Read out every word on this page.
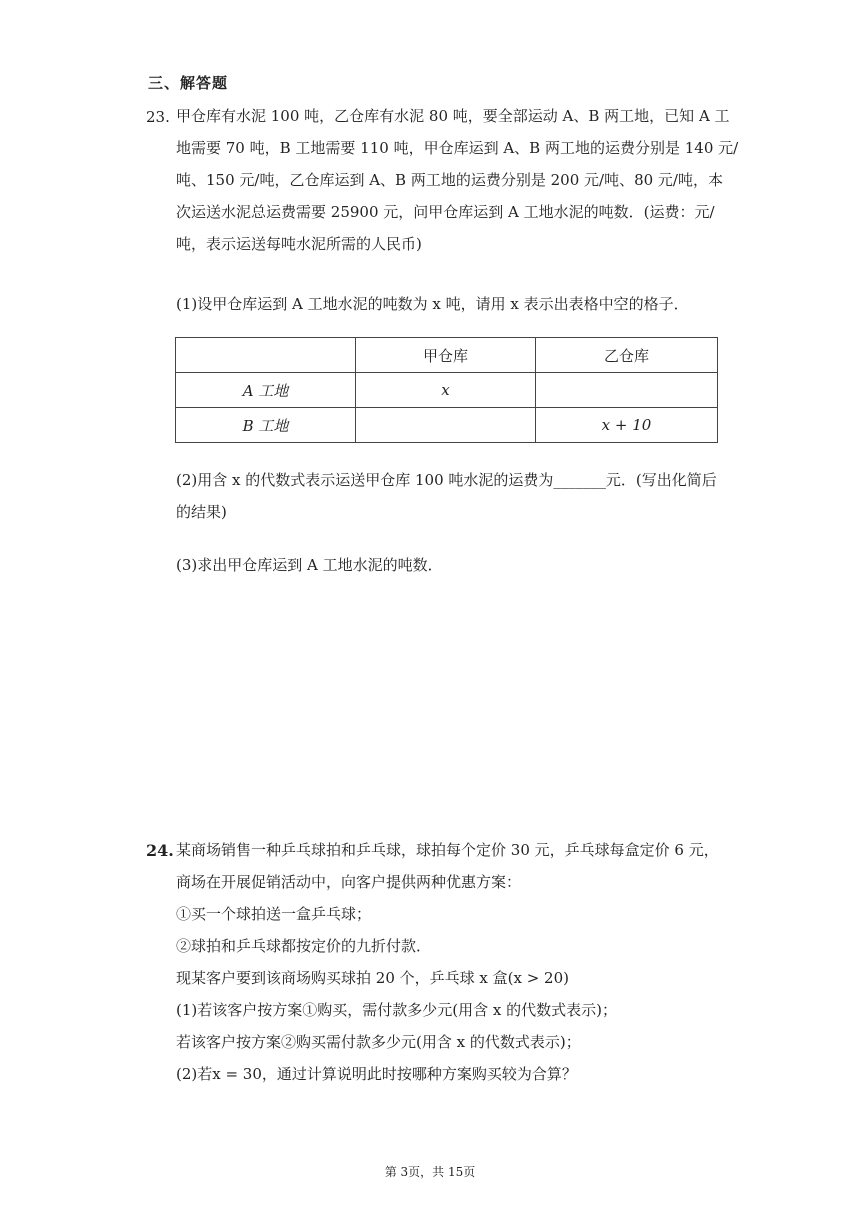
三、解答题
23. 甲仓库有水泥 100 吨，乙仓库有水泥 80 吨，要全部运动 A、B 两工地，已知 A 工
地需要 70 吨，B 工地需要 110 吨，甲仓库运到 A、B 两工地的运费分别是 140 元/
吨、150 元/吨，乙仓库运到 A、B 两工地的运费分别是 200 元/吨、80 元/吨，本
次运送水泥总运费需要 25900 元，问甲仓库运到 A 工地水泥的吨数．(运费：元/
吨，表示运送每吨水泥所需的人民币)
(1)设甲仓库运到 A 工地水泥的吨数为 x 吨，请用 x 表示出表格中空的格子．
	甲仓库	乙仓库
A 工地	x	
B 工地		x + 10
(2)用含 x 的代数式表示运送甲仓库 100 吨水泥的运费为_______元．(写出化简后
的结果)
(3)求出甲仓库运到 A 工地水泥的吨数．
24. 某商场销售一种乒乓球拍和乒乓球，球拍每个定价 30 元，乒乓球每盒定价 6 元，
商场在开展促销活动中，向客户提供两种优惠方案：
①买一个球拍送一盒乒乓球；
②球拍和乒乓球都按定价的九折付款．
现某客户要到该商场购买球拍 20 个，乒乓球 x 盒(x > 20)
(1)若该客户按方案①购买，需付款多少元(用含 x 的代数式表示)；
若该客户按方案②购买需付款多少元(用含 x 的代数式表示)；
(2)若x = 30，通过计算说明此时按哪种方案购买较为合算？
第 3页，共 15页
